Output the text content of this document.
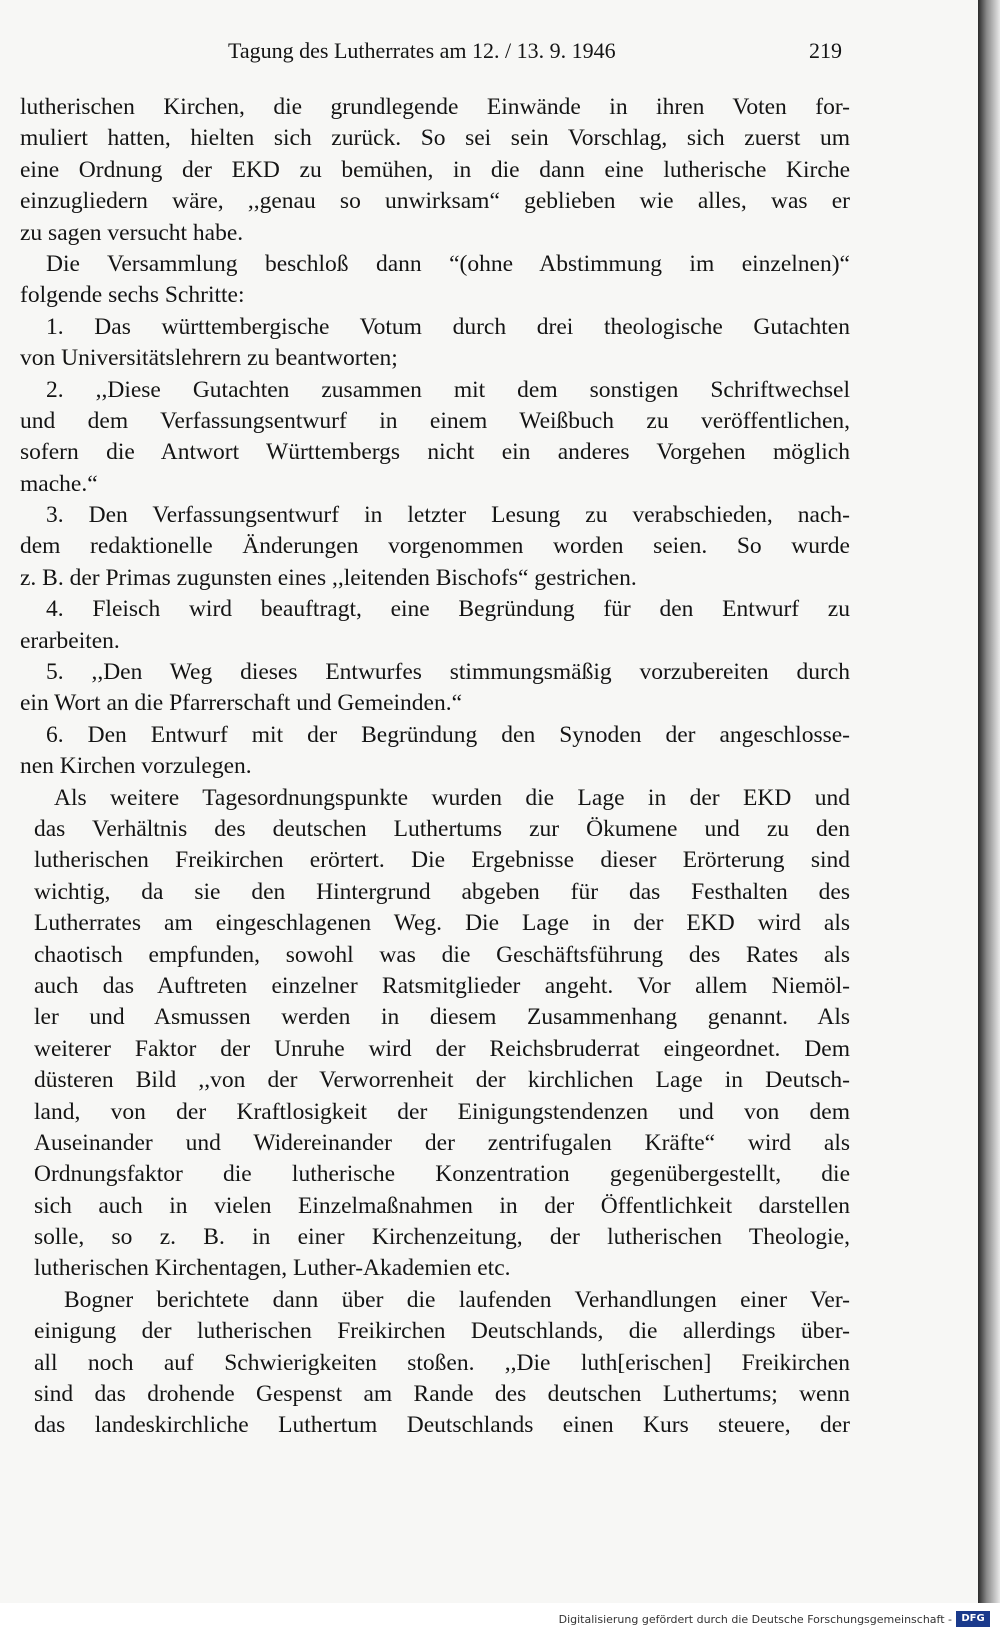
Tagung des Lutherrates am 12. / 13. 9. 1946	219
lutherischen Kirchen, die grundlegende Einwände in ihren Voten for-
muliert hatten, hielten sich zurück. So sei sein Vorschlag, sich zuerst um
eine Ordnung der EKD zu bemühen, in die dann eine lutherische Kirche
einzugliedern wäre, ,,genau so unwirksam“ geblieben wie alles, was er
zu sagen versucht habe.
Die Versammlung beschloß dann “(ohne Abstimmung im einzelnen)“
folgende sechs Schritte:
1. Das württembergische Votum durch drei theologische Gutachten
von Universitätslehrern zu beantworten;
2. ,,Diese Gutachten zusammen mit dem sonstigen Schriftwechsel
und dem Verfassungsentwurf in einem Weißbuch zu veröffentlichen,
sofern die Antwort Württembergs nicht ein anderes Vorgehen möglich
mache.“
3. Den Verfassungsentwurf in letzter Lesung zu verabschieden, nach-
dem redaktionelle Änderungen vorgenommen worden seien. So wurde
z. B. der Primas zugunsten eines ,,leitenden Bischofs“ gestrichen.
4. Fleisch wird beauftragt, eine Begründung für den Entwurf zu
erarbeiten.
5. ,,Den Weg dieses Entwurfes stimmungsmäßig vorzubereiten durch
ein Wort an die Pfarrerschaft und Gemeinden.“
6. Den Entwurf mit der Begründung den Synoden der angeschlosse-
nen Kirchen vorzulegen.
Als weitere Tagesordnungspunkte wurden die Lage in der EKD und
das Verhältnis des deutschen Luthertums zur Ökumene und zu den
lutherischen Freikirchen erörtert. Die Ergebnisse dieser Erörterung sind
wichtig, da sie den Hintergrund abgeben für das Festhalten des
Lutherrates am eingeschlagenen Weg. Die Lage in der EKD wird als
chaotisch empfunden, sowohl was die Geschäftsführung des Rates als
auch das Auftreten einzelner Ratsmitglieder angeht. Vor allem Niemöl-
ler und Asmussen werden in diesem Zusammenhang genannt. Als
weiterer Faktor der Unruhe wird der Reichsbruderrat eingeordnet. Dem
düsteren Bild ,,von der Verworrenheit der kirchlichen Lage in Deutsch-
land, von der Kraftlosigkeit der Einigungstendenzen und von dem
Auseinander und Widereinander der zentrifugalen Kräfte“ wird als
Ordnungsfaktor die lutherische Konzentration gegenübergestellt, die
sich auch in vielen Einzelmaßnahmen in der Öffentlichkeit darstellen
solle, so z. B. in einer Kirchenzeitung, der lutherischen Theologie,
lutherischen Kirchentagen, Luther-Akademien etc.
Bogner berichtete dann über die laufenden Verhandlungen einer Ver-
einigung der lutherischen Freikirchen Deutschlands, die allerdings über-
all noch auf Schwierigkeiten stoßen. ,,Die luth[erischen] Freikirchen
sind das drohende Gespenst am Rande des deutschen Luthertums; wenn
das landeskirchliche Luthertum Deutschlands einen Kurs steuere, der
Digitalisierung gefördert durch die Deutsche Forschungsgemeinschaft - DFG
